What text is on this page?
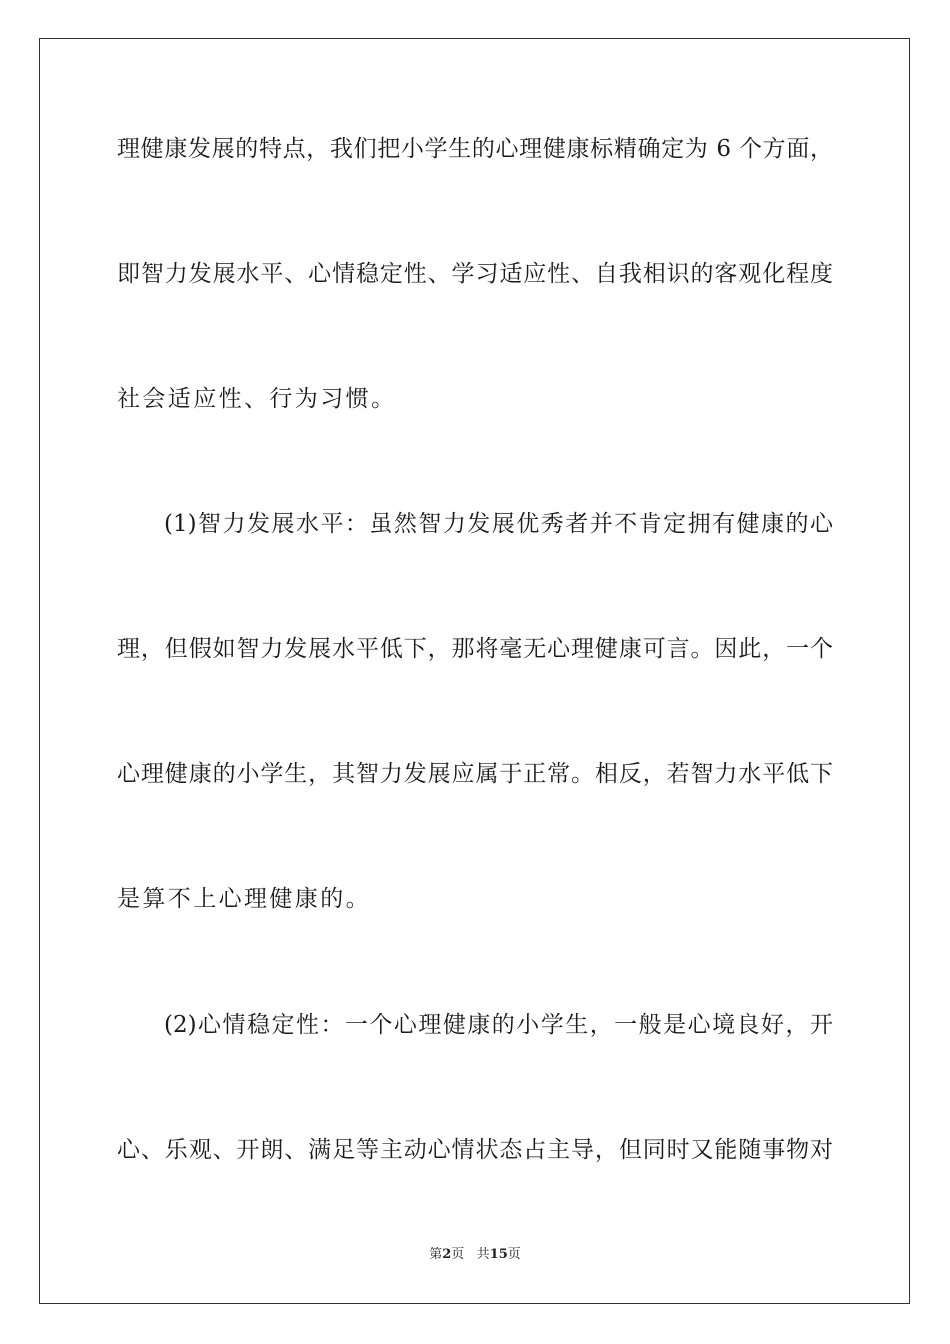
理健康发展的特点，我们把小学生的心理健康标精确定为 6 个方面，
即智力发展水平、心情稳定性、学习适应性、自我相识的客观化程度
社会适应性、行为习惯。
(1)智力发展水平：虽然智力发展优秀者并不肯定拥有健康的心
理，但假如智力发展水平低下，那将毫无心理健康可言。因此，一个
心理健康的小学生，其智力发展应属于正常。相反，若智力水平低下
是算不上心理健康的。
(2)心情稳定性：一个心理健康的小学生，一般是心境良好，开
心、乐观、开朗、满足等主动心情状态占主导，但同时又能随事物对
第2页 共15页
